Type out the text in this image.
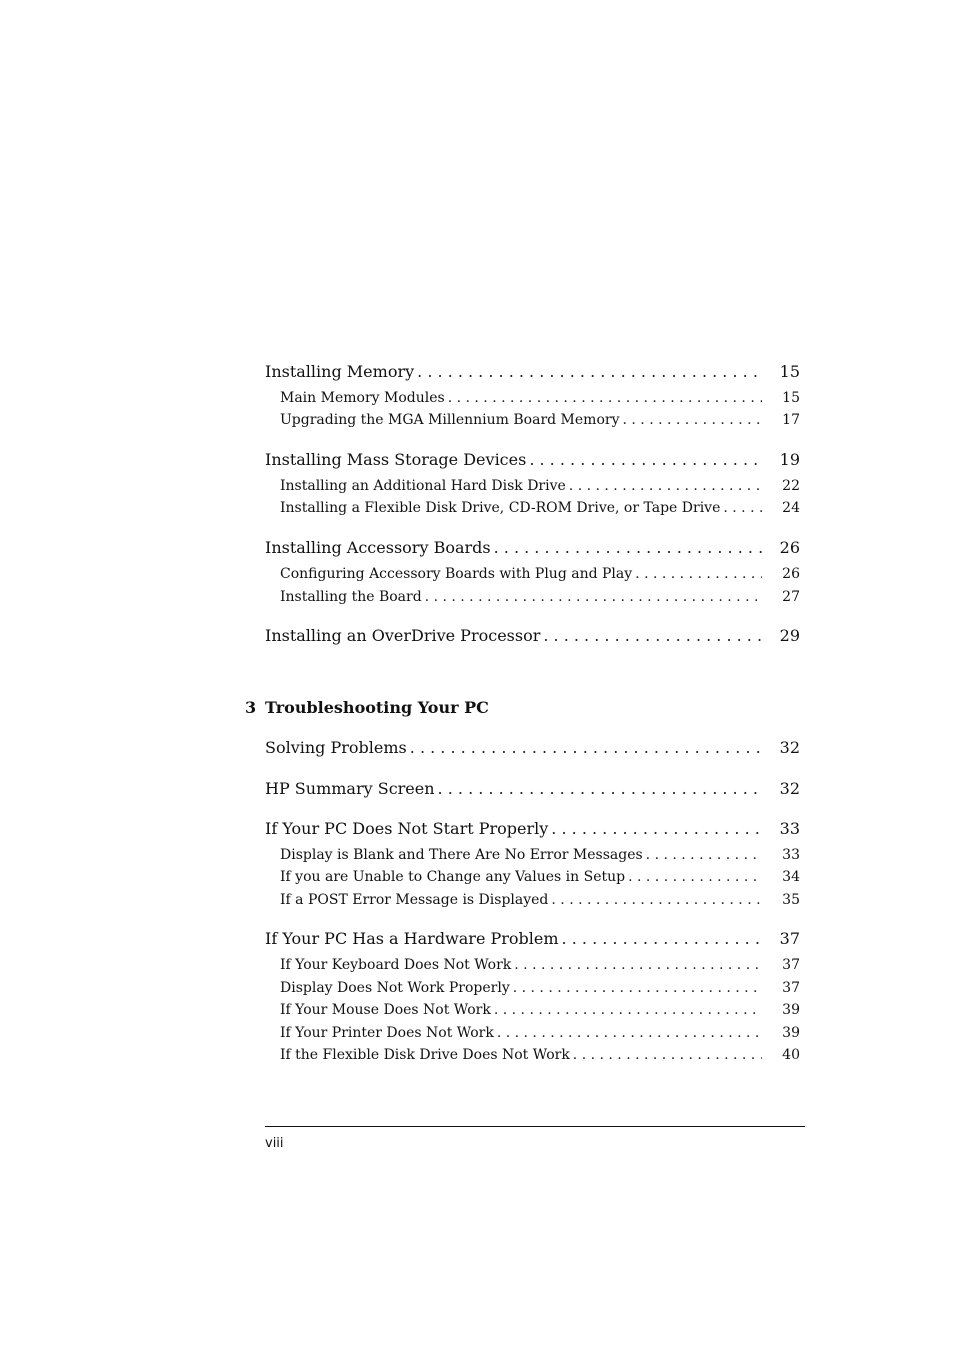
Installing Memory . . .	15
Main Memory Modules . . .	15
Upgrading the MGA Millennium Board Memory . . .	17
Installing Mass Storage Devices . . .	19
Installing an Additional Hard Disk Drive . . .	22
Installing a Flexible Disk Drive, CD-ROM Drive, or Tape Drive . . .	24
Installing Accessory Boards . . .	26
Configuring Accessory Boards with Plug and Play . . .	26
Installing the Board . . .	27
Installing an OverDrive Processor . . .	29
3 Troubleshooting Your PC
Solving Problems . . .	32
HP Summary Screen . . .	32
If Your PC Does Not Start Properly . . .	33
Display is Blank and There Are No Error Messages . . .	33
If you are Unable to Change any Values in Setup . . .	34
If a POST Error Message is Displayed . . .	35
If Your PC Has a Hardware Problem . . .	37
If Your Keyboard Does Not Work . . .	37
Display Does Not Work Properly . . .	37
If Your Mouse Does Not Work . . .	39
If Your Printer Does Not Work . . .	39
If the Flexible Disk Drive Does Not Work . . .	40
viii
